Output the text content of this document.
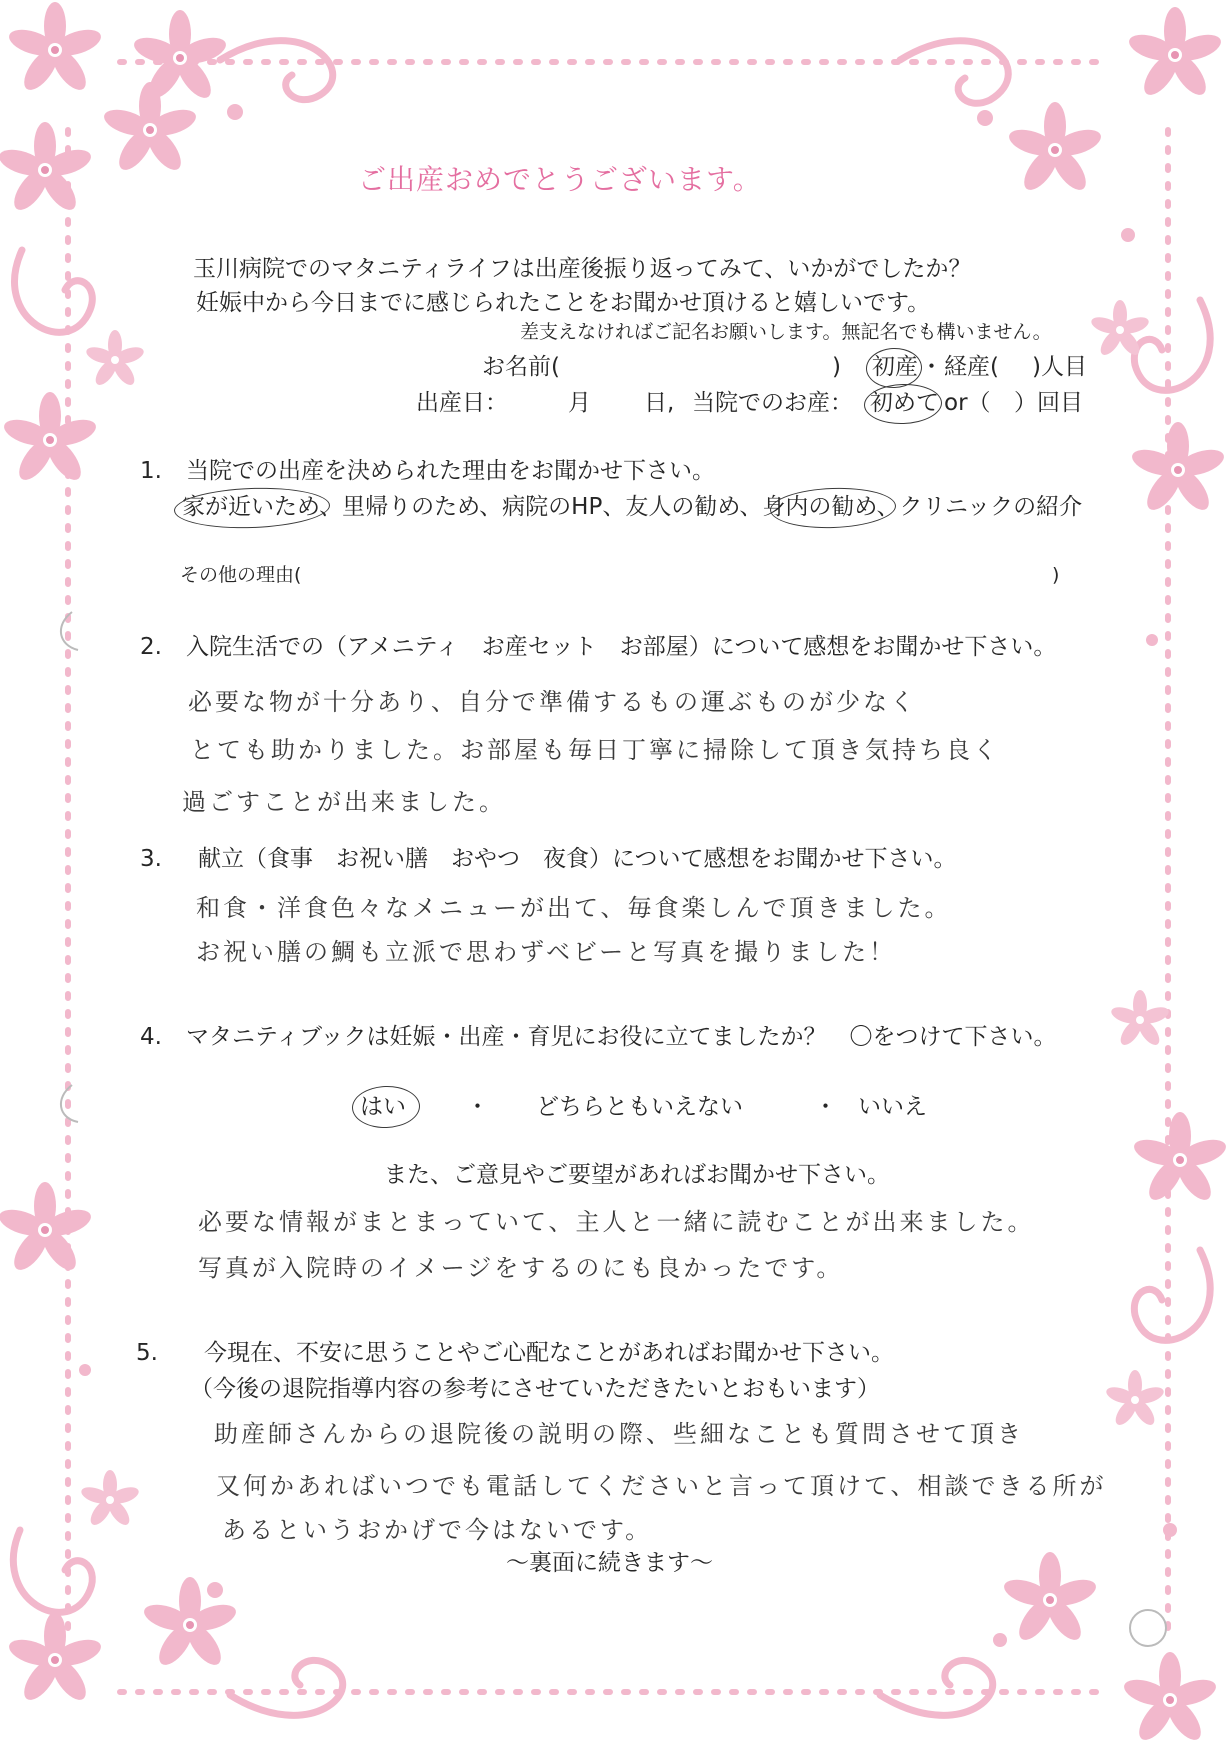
ご出産おめでとうございます。
玉川病院でのマタニティライフは出産後振り返ってみて、いかがでしたか？
妊娠中から今日までに感じられたことをお聞かせ頂けると嬉しいです。
差支えなければご記名お願いします。無記名でも構いません。
お名前(	) 初産 ・ 経産( )人目
出産日：	月 日, 当院でのお産： 初めて or（ ）回目
1. 当院での出産を決められた理由をお聞かせ下さい。
家が近いため、里帰りのため、病院のHP、友人の勧め、身内の勧め、クリニックの紹介
その他の理由(	)
2. 入院生活での（アメニティ　お産セット　お部屋）について感想をお聞かせ下さい。
必要な物が十分あり、自分で準備するもの運ぶものが少なく
とても助かりました。お部屋も毎日丁寧に掃除して頂き気持ち良く
過ごすことが出来ました。
3. 献立（食事　お祝い膳　おやつ　夜食）について感想をお聞かせ下さい。
和食・洋食色々なメニューが出て、毎食楽しんで頂きました。
お祝い膳の鯛も立派で思わずベビーと写真を撮りました！
4. マタニティブックは妊娠・出産・育児にお役に立てましたか？　〇をつけて下さい。
はい	・ どちらともいえない	・ いいえ
また、ご意見やご要望があればお聞かせ下さい。
必要な情報がまとまっていて、主人と一緒に読むことが出来ました。
写真が入院時のイメージをするのにも良かったです。
5. 今現在、不安に思うことやご心配なことがあればお聞かせ下さい。
（今後の退院指導内容の参考にさせていただきたいとおもいます）
助産師さんからの退院後の説明の際、些細なことも質問させて頂き
又何かあればいつでも電話してくださいと言って頂けて、相談できる所が
あるというおかげで今はないです。
～裏面に続きます～
